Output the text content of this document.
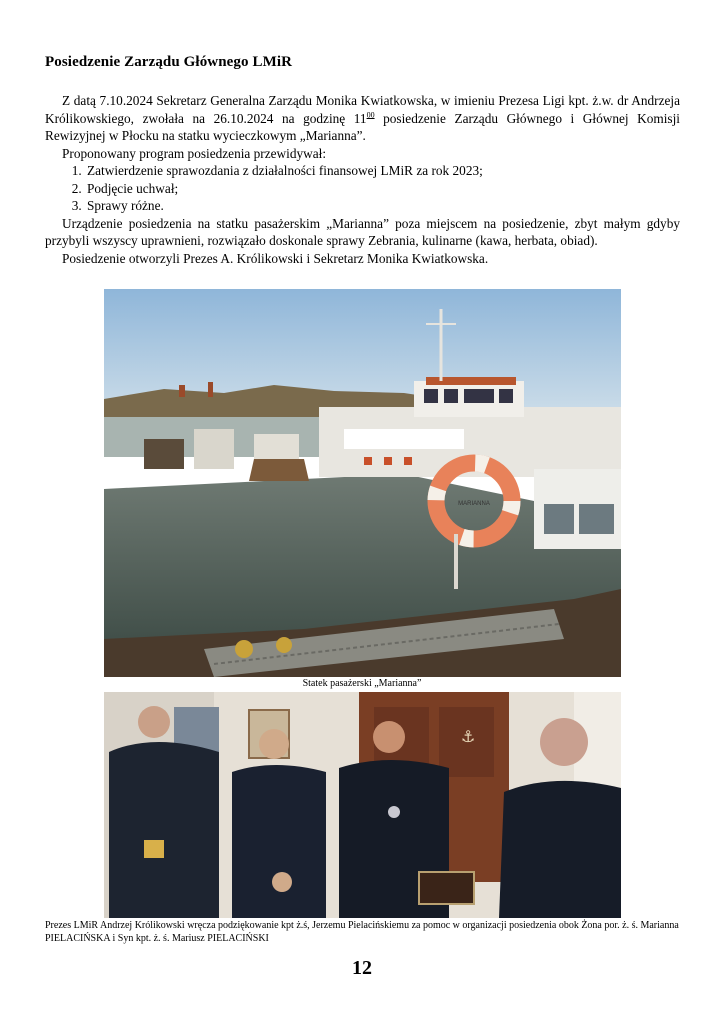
Posiedzenie Zarządu Głównego LMiR

Z datą 7.10.2024 Sekretarz Generalna Zarządu Monika Kwiatkowska, w imieniu Prezesa Ligi kpt. ż.w. dr Andrzeja Królikowskiego, zwołała na 26.10.2024 na godzinę $11^{00}$ posiedzenie Zarządu Głównego i Głównej Komisji Rewizyjnej w Płocku na statku wycieczkowym „Marianna”.

Proponowany program posiedzenia przewidywał:

1. Zatwierdzenie sprawozdania z działalności finansowej LMiR za rok 2023;
2. Podjęcie uchwał;
3. Sprawy różne.

Urządzenie posiedzenia na statku pasażerskim „Marianna” poza miejscem na posiedzenie, zbyt małym gdyby przybyli wszyscy uprawnieni, rozwiązało doskonale sprawy Zebrania, kulinarne (kawa, herbata, obiad).

Posiedzenie otworzyli Prezes A. Królikowski i Sekretarz Monika Kwiatkowska.

MARIANNA
Statek pasażerski „Marianna”
⚓
Prezes LMiR Andrzej Królikowski wręcza podziękowanie kpt ż.ś, Jerzemu Pielacińskiemu za pomoc w organizacji posiedzenia obok Żona por. ż. ś. Marianna PIELACIŃSKA i Syn kpt. ż. ś. Mariusz PIELACIŃSKI
12
